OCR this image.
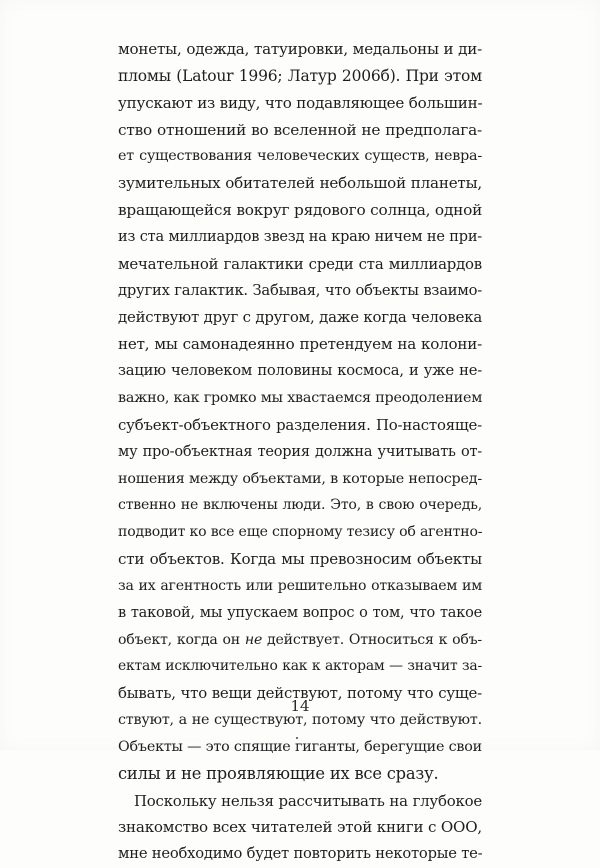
монеты, одежда, татуировки, медальоны и ди-
пломы (Latour 1996; Латур 2006б). При этом
упускают из виду, что подавляющее большин-
ство отношений во вселенной не предполага-
ет существования человеческих существ, невра-
зумительных обитателей небольшой планеты,
вращающейся вокруг рядового солнца, одной
из ста миллиардов звезд на краю ничем не при-
мечательной галактики среди ста миллиардов
других галактик. Забывая, что объекты взаимо-
действуют друг с другом, даже когда человека
нет, мы самонадеянно претендуем на колони-
зацию человеком половины космоса, и уже не-
важно, как громко мы хвастаемся преодолением
субъект-объектного разделения. По-настояще-
му про-объектная теория должна учитывать от-
ношения между объектами, в которые непосред-
ственно не включены люди. Это, в свою очередь,
подводит ко все еще спорному тезису об агентно-
сти объектов. Когда мы превозносим объекты
за их агентность или решительно отказываем им
в таковой, мы упускаем вопрос о том, что такое
объект, когда он не действует. Относиться к объ-
ектам исключительно как к акторам — значит за-
бывать, что вещи действуют, потому что суще-
ствуют, а не существуют, потому что действуют.
Объекты — это спящие гиганты, берегущие свои
силы и не проявляющие их все сразу.
Поскольку нельзя рассчитывать на глубокое
знакомство всех читателей этой книги с ООО,
мне необходимо будет повторить некоторые те-
14
